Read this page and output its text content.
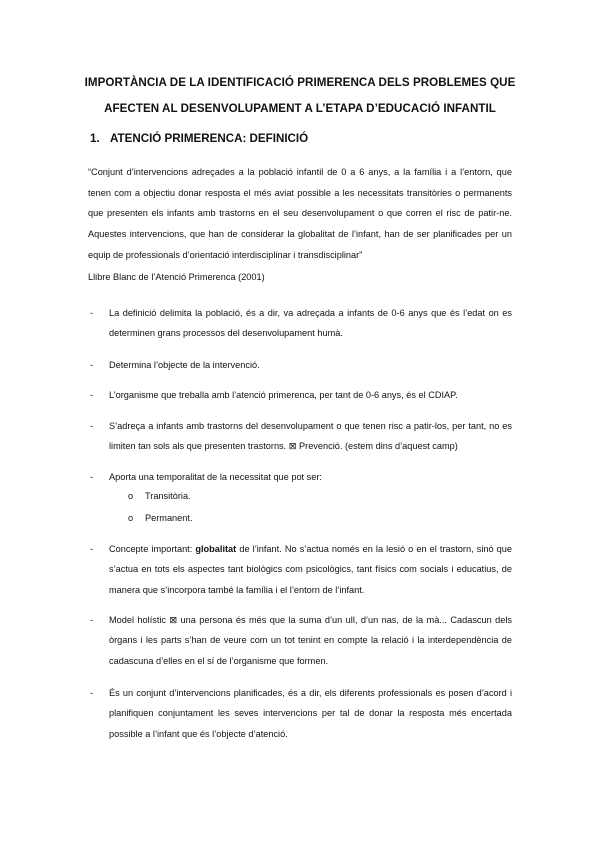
IMPORTÀNCIA DE LA IDENTIFICACIÓ PRIMERENCA DELS PROBLEMES QUE
AFECTEN AL DESENVOLUPAMENT A L’ETAPA D’EDUCACIÓ INFANTIL
1. ATENCIÓ PRIMERENCA: DEFINICIÓ
“Conjunt d’intervencions adreçades a la població infantil de 0 a 6 anys, a la família i a l’entorn, que tenen com a objectiu donar resposta el més aviat possible a les necessitats transitòries o permanents que presenten els infants amb trastorns en el seu desenvolupament o que corren el risc de patir-ne. Aquestes intervencions, que han de considerar la globalitat de l’infant, han de ser planificades per un equip de professionals d’orientació interdisciplinar i transdisciplinar”
Llibre Blanc de l’Atenció Primerenca (2001)
- La definició delimita la població, és a dir, va adreçada a infants de 0-6 anys que és l’edat on es determinen grans processos del desenvolupament humà.
- Determina l’objecte de la intervenció.
- L’organisme que treballa amb l’atenció primerenca, per tant de 0-6 anys, és el CDIAP.
- S’adreça a infants amb trastorns del desenvolupament o que tenen risc a patir-los, per tant, no es limiten tan sols als que presenten trastorns. ⊠ Prevenció. (estem dins d’aquest camp)
- Aporta una temporalitat de la necessitat que pot ser:
o Transitòria.
o Permanent.
- Concepte important: globalitat de l’infant. No s’actua només en la lesió o en el trastorn, sinó que s’actua en tots els aspectes tant biològics com psicològics, tant físics com socials i educatius, de manera que s’incorpora també la família i el l’entorn de l’infant.
- Model holístic ⊠ una persona és més que la suma d’un ull, d’un nas, de la mà... Cadascun dels òrgans i les parts s’han de veure com un tot tenint en compte la relació i la interdependència de cadascuna d’elles en el sí de l’organisme que formen.
- És un conjunt d’intervencions planificades, és a dir, els diferents professionals es posen d’acord i planifiquen conjuntament les seves intervencions per tal de donar la resposta més encertada possible a l’infant que és l’objecte d’atenció.
